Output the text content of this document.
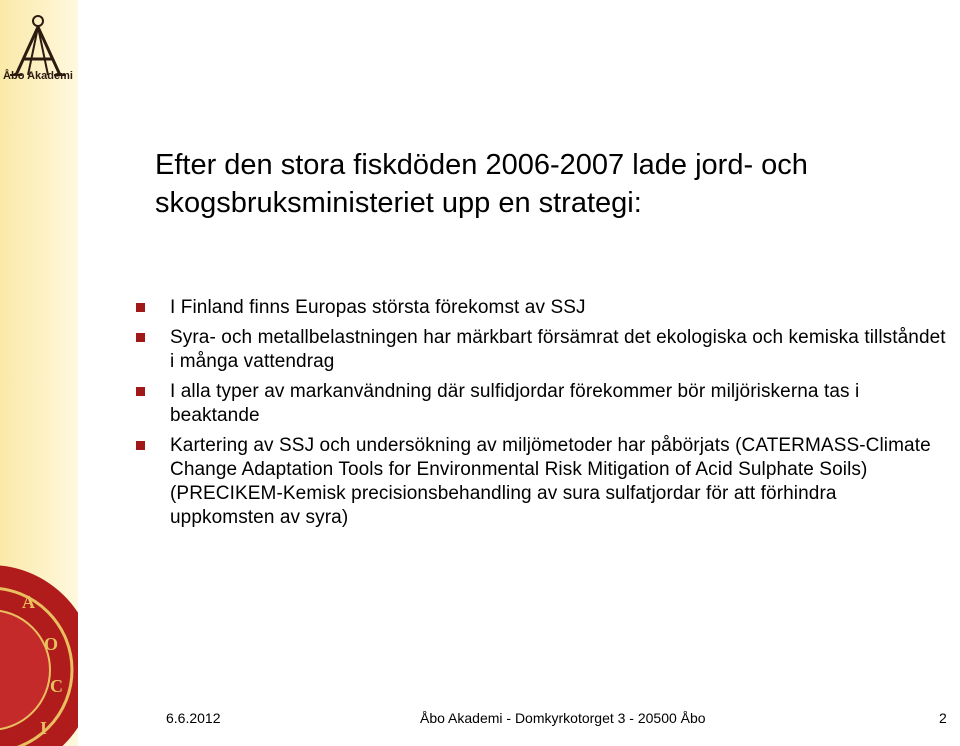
Åbo Akademi
A
O
C
I
Efter den stora fiskdöden 2006-2007 lade jord- och
skogsbruksministeriet upp en strategi:
I Finland finns Europas största förekomst av SSJ
Syra- och metallbelastningen har märkbart försämrat det ekologiska och kemiska tillståndet i många vattendrag
I alla typer av markanvändning där sulfidjordar förekommer bör miljöriskerna tas i beaktande
Kartering av SSJ och undersökning av miljömetoder har påbörjats (CATERMASS-Climate Change Adaptation Tools for Environmental Risk Mitigation of Acid Sulphate Soils) (PRECIKEM-Kemisk precisionsbehandling av sura sulfatjordar för att förhindra uppkomsten av syra)
6.6.2012	Åbo Akademi - Domkyrkotorget 3 - 20500 Åbo	2
